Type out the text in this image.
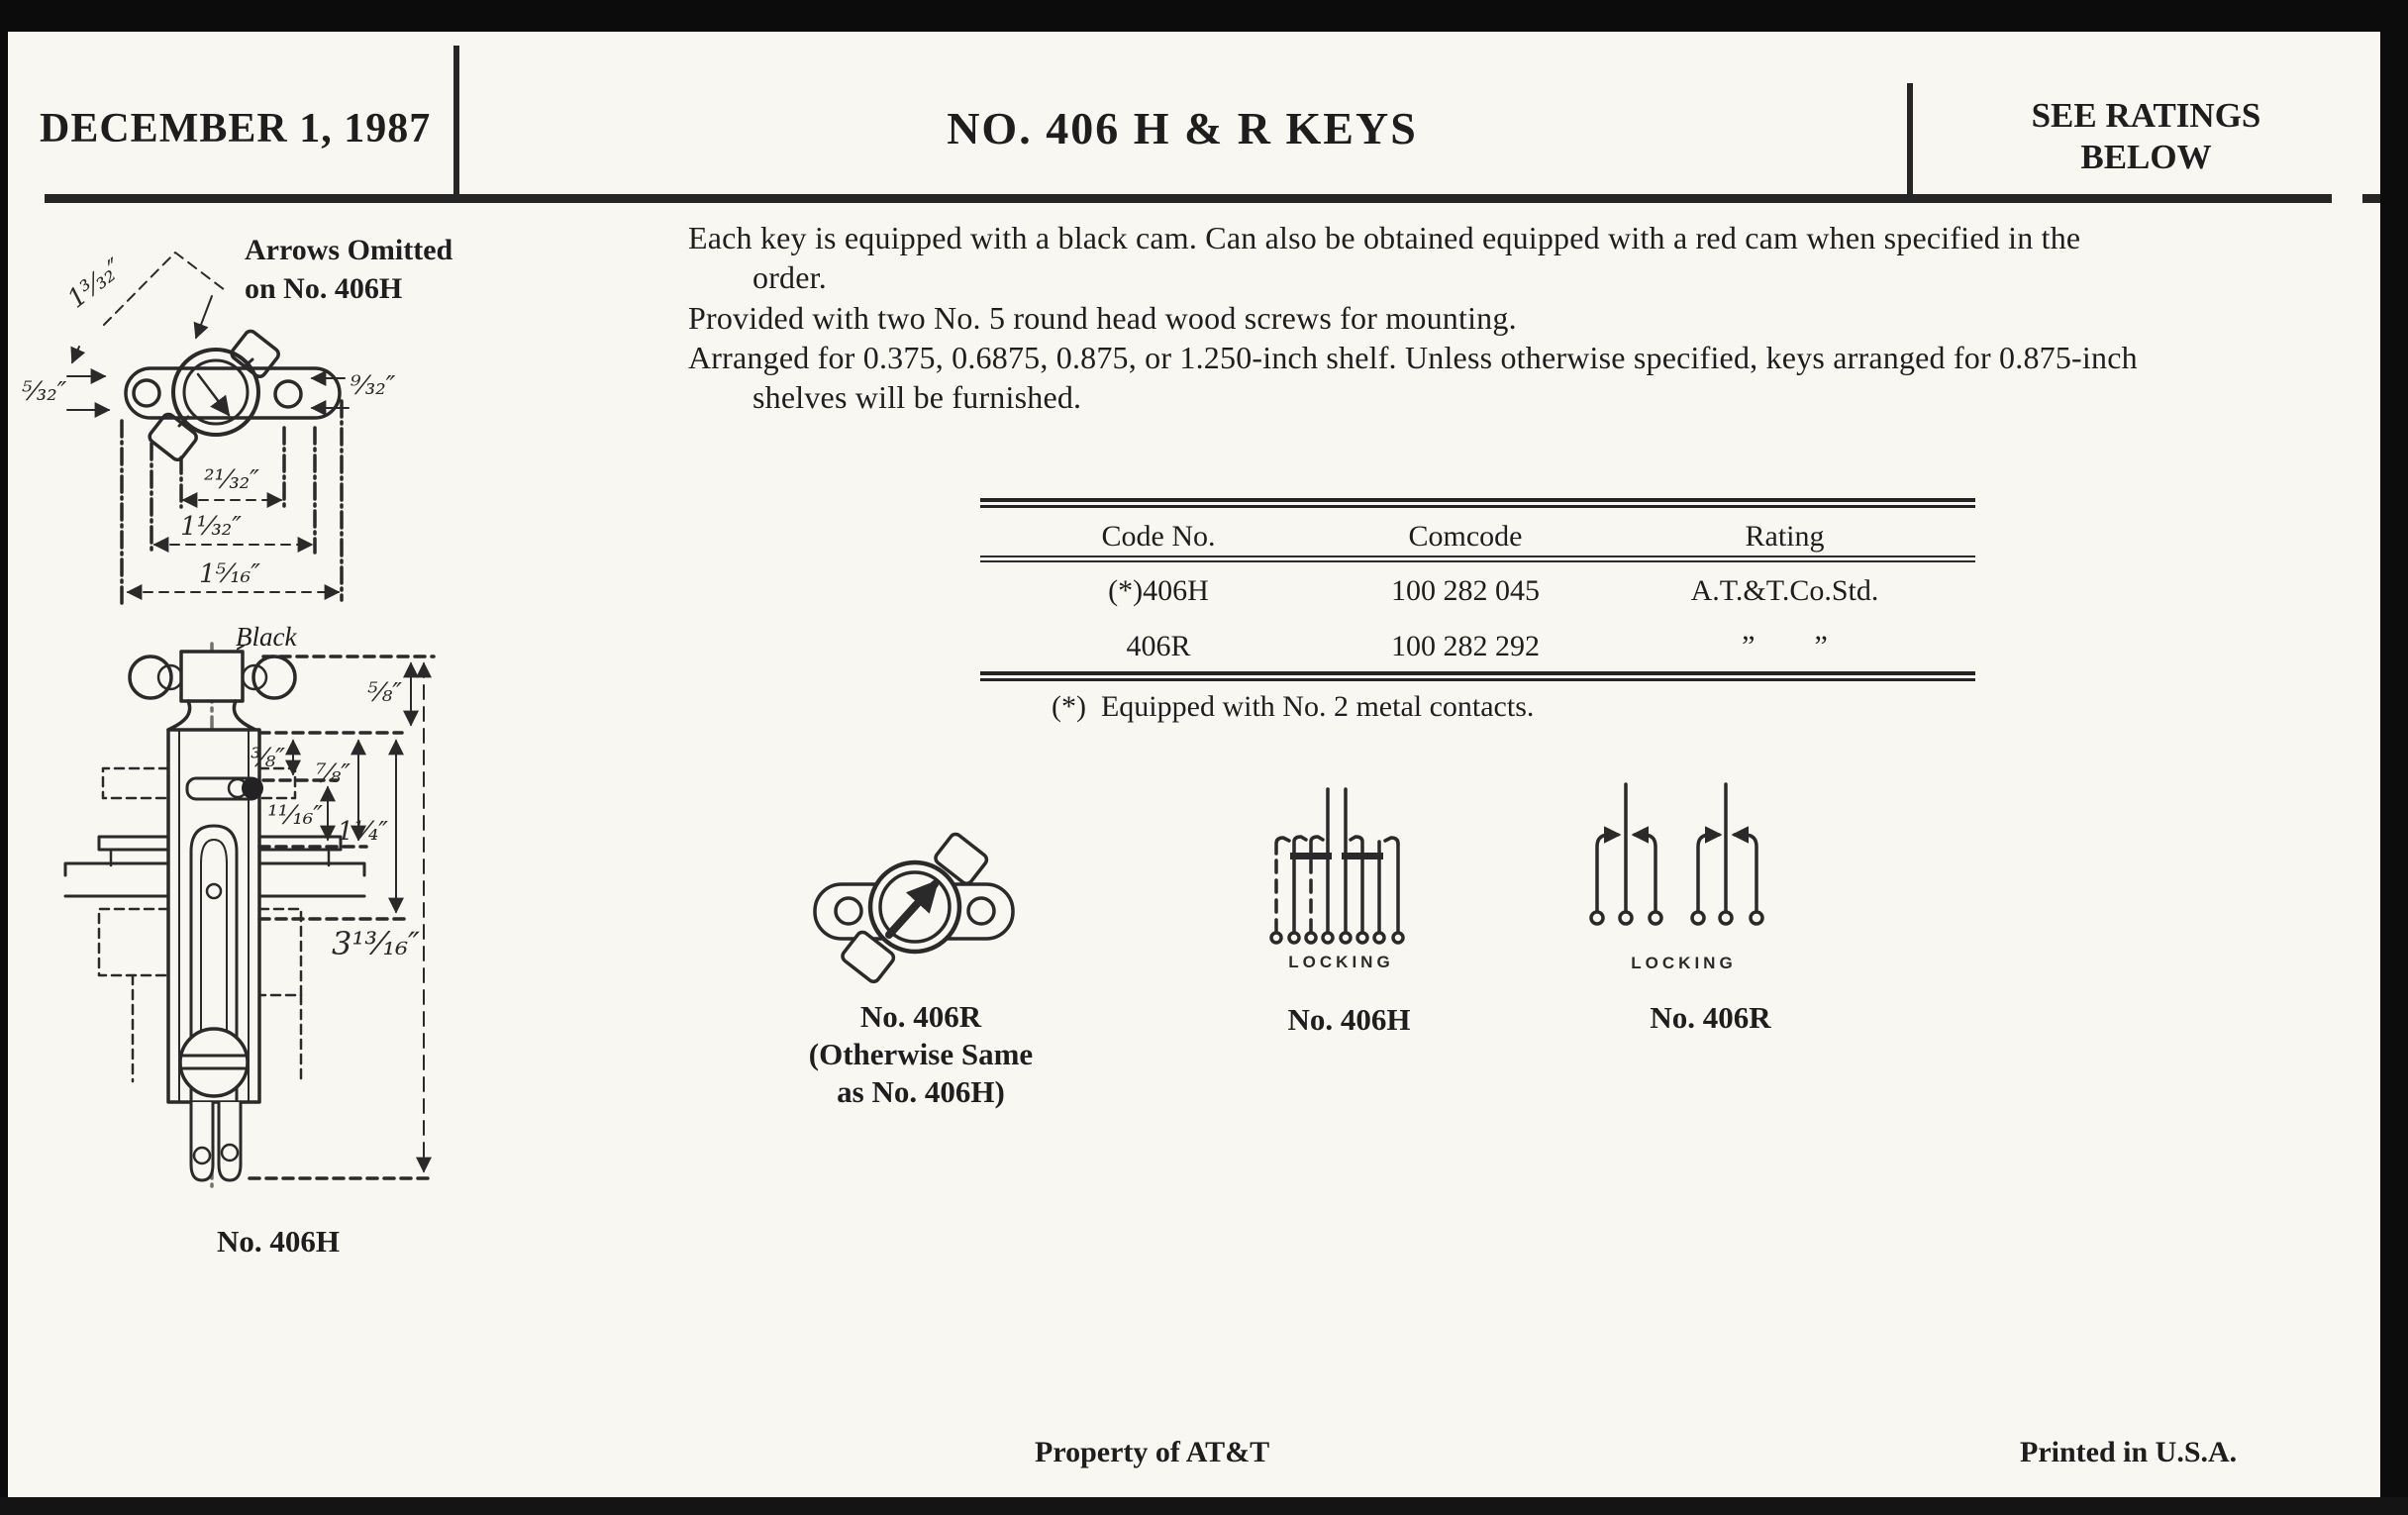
DECEMBER 1, 1987	NO. 406 H & R KEYS	SEE RATINGS
BELOW
Each key is equipped with a black cam. Can also be obtained equipped with a red cam when specified in the
order.
Provided with two No. 5 round head wood screws for mounting.
Arranged for 0.375, 0.6875, 0.875, or 1.250-inch shelf. Unless otherwise specified, keys arranged for 0.875-inch
shelves will be furnished.
Code No.	Comcode	Rating
(*)406H	100 282 045	A.T.&T.Co.Std.
406R	100 282 292	”  ”
(*) Equipped with No. 2 metal contacts.
Arrows Omitted
on No. 406H
1³⁄₃₂″
⁵⁄₃₂″	⁹⁄₃₂″
²¹⁄₃₂″
1¹⁄₃₂″
1⁵⁄₁₆″
Black
⁵⁄₈″
³⁄₈″
⁷⁄₈″
¹¹⁄₁₆″
1¹⁄₄″
3¹³⁄₁₆″
No. 406H
No. 406R
(Otherwise Same
as No. 406H)
LOCKING
No. 406H
LOCKING
No. 406R
Property of AT&T	Printed in U.S.A.
